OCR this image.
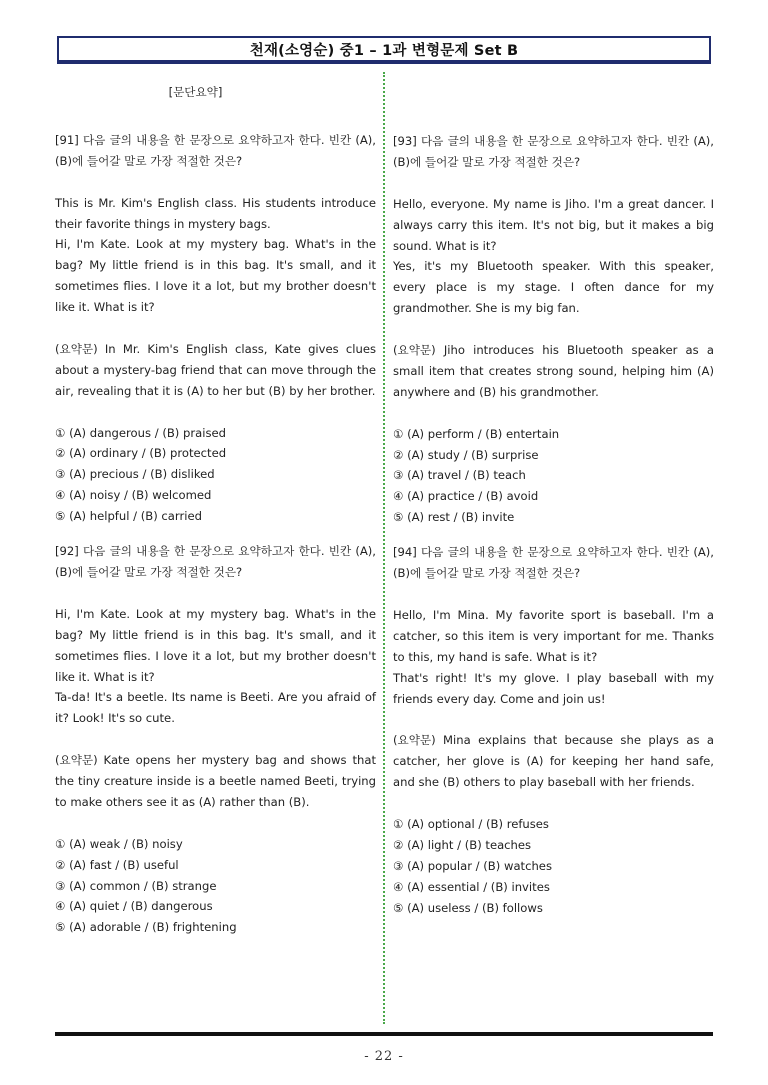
천재(소영순) 중1 – 1과 변형문제 Set B
[문단요약]

[91] 다음 글의 내용을 한 문장으로 요약하고자 한다. 빈칸 (A), (B)에 들어갈 말로 가장 적절한 것은?

This is Mr. Kim's English class. His students introduce their favorite things in mystery bags.

Hi, I'm Kate. Look at my mystery bag. What's in the bag? My little friend is in this bag. It's small, and it sometimes flies. I love it a lot, but my brother doesn't like it. What is it?

(요약문) In Mr. Kim's English class, Kate gives clues about a mystery-bag friend that can move through the air, revealing that it is (A) to her but (B) by her brother.

① (A) dangerous / (B) praised
② (A) ordinary / (B) protected
③ (A) precious / (B) disliked
④ (A) noisy / (B) welcomed
⑤ (A) helpful / (B) carried

[92] 다음 글의 내용을 한 문장으로 요약하고자 한다. 빈칸 (A), (B)에 들어갈 말로 가장 적절한 것은?

Hi, I'm Kate. Look at my mystery bag. What's in the bag? My little friend is in this bag. It's small, and it sometimes flies. I love it a lot, but my brother doesn't like it. What is it?

Ta-da! It's a beetle. Its name is Beeti. Are you afraid of it? Look! It's so cute.

(요약문) Kate opens her mystery bag and shows that the tiny creature inside is a beetle named Beeti, trying to make others see it as (A) rather than (B).

① (A) weak / (B) noisy
② (A) fast / (B) useful
③ (A) common / (B) strange
④ (A) quiet / (B) dangerous
⑤ (A) adorable / (B) frightening

[93] 다음 글의 내용을 한 문장으로 요약하고자 한다. 빈칸 (A), (B)에 들어갈 말로 가장 적절한 것은?

Hello, everyone. My name is Jiho. I'm a great dancer. I always carry this item. It's not big, but it makes a big sound. What is it?

Yes, it's my Bluetooth speaker. With this speaker, every place is my stage. I often dance for my grandmother. She is my big fan.

(요약문) Jiho introduces his Bluetooth speaker as a small item that creates strong sound, helping him (A) anywhere and (B) his grandmother.

① (A) perform / (B) entertain
② (A) study / (B) surprise
③ (A) travel / (B) teach
④ (A) practice / (B) avoid
⑤ (A) rest / (B) invite

[94] 다음 글의 내용을 한 문장으로 요약하고자 한다. 빈칸 (A), (B)에 들어갈 말로 가장 적절한 것은?

Hello, I'm Mina. My favorite sport is baseball. I'm a catcher, so this item is very important for me. Thanks to this, my hand is safe. What is it?

That's right! It's my glove. I play baseball with my friends every day. Come and join us!

(요약문) Mina explains that because she plays as a catcher, her glove is (A) for keeping her hand safe, and she (B) others to play baseball with her friends.

① (A) optional / (B) refuses
② (A) light / (B) teaches
③ (A) popular / (B) watches
④ (A) essential / (B) invites
⑤ (A) useless / (B) follows
- 22 -
